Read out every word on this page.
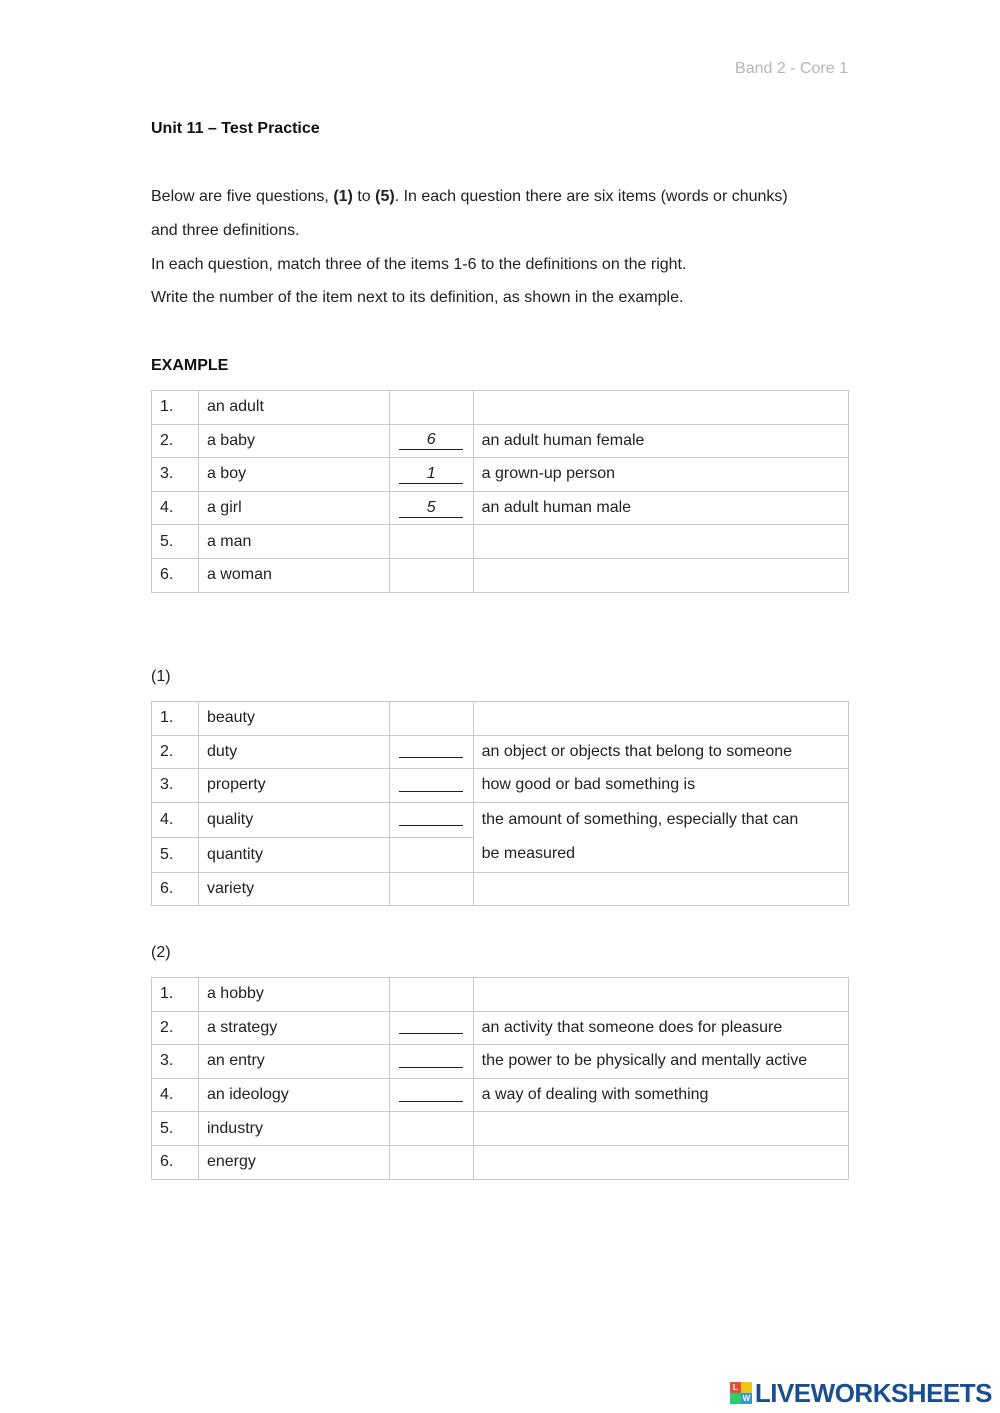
Band 2 - Core 1
Unit 11 – Test Practice
Below are five questions, (1) to (5). In each question there are six items (words or chunks)
and three definitions.
In each question, match three of the items 1-6 to the definitions on the right.
Write the number of the item next to its definition, as shown in the example.
EXAMPLE
1.	an adult		
2.	a baby	6	an adult human female
3.	a boy	1	a grown-up person
4.	a girl	5	an adult human male
5.	a man		
6.	a woman		
(1)
1.	beauty		
2.	duty		an object or objects that belong to someone
3.	property		how good or bad something is
4.	quality		the amount of something, especially that can
be measured

5.	quantity		
6.	variety		
(2)
1.	a hobby		
2.	a strategy		an activity that someone does for pleasure
3.	an entry		the power to be physically and mentally active
4.	an ideology		a way of dealing with something
5.	industry		
6.	energy		
L
W LIVEWORKSHEETS
